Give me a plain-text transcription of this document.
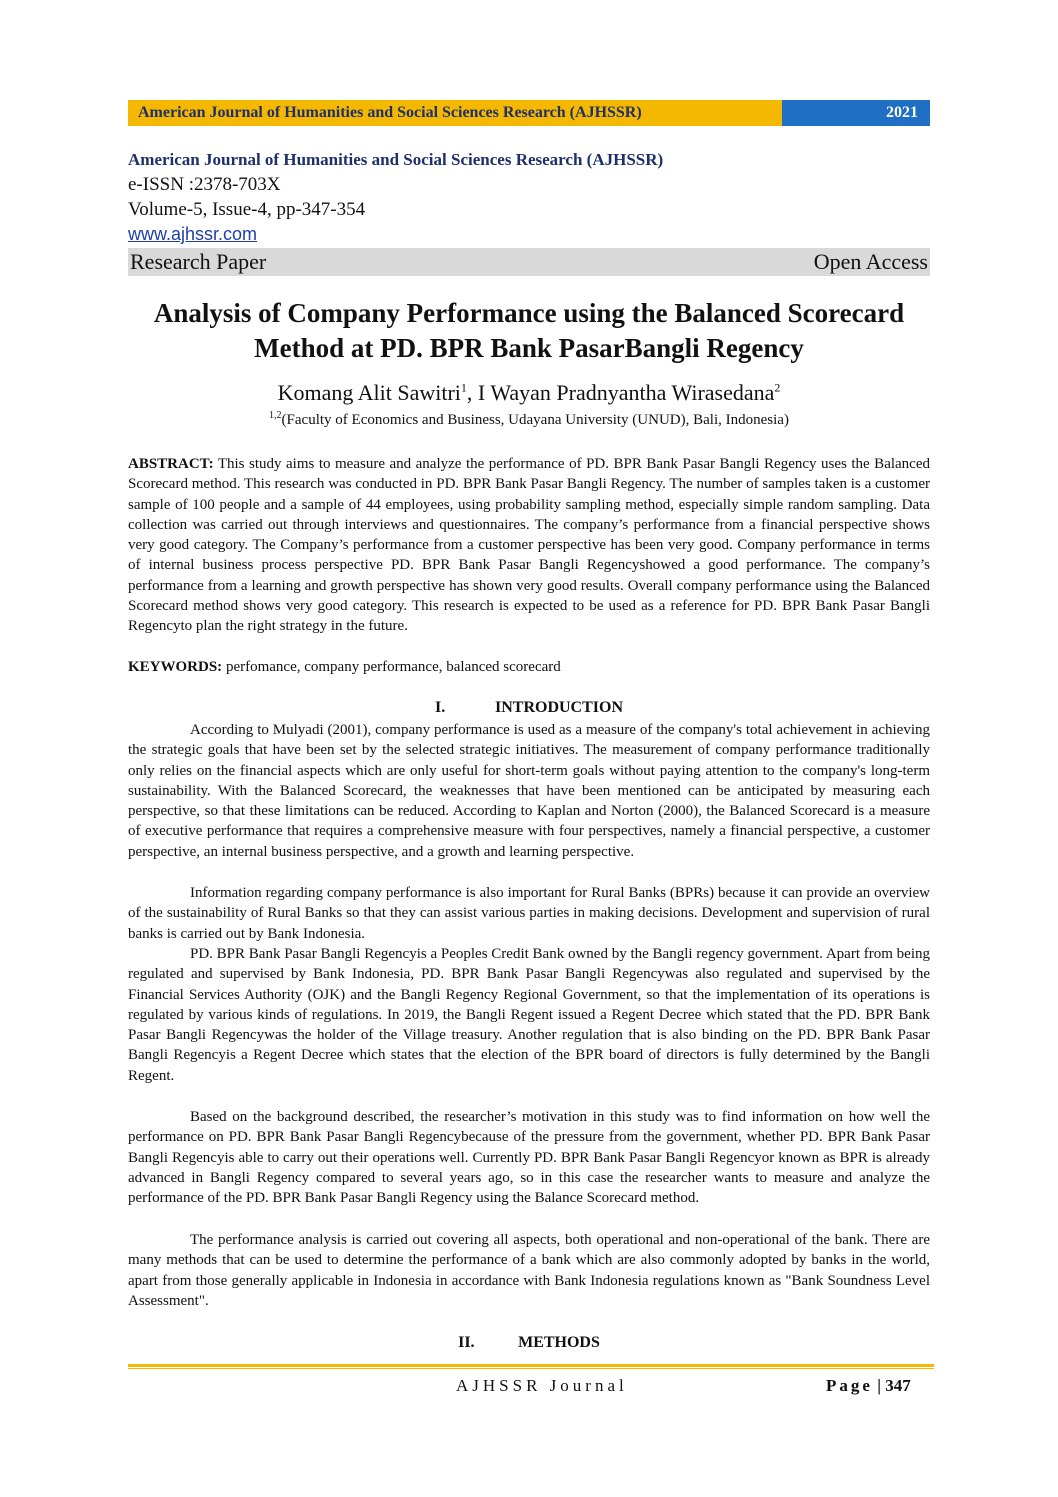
American Journal of Humanities and Social Sciences Research (AJHSSR)	2021
American Journal of Humanities and Social Sciences Research (AJHSSR)
e-ISSN :2378-703X
Volume-5, Issue-4, pp-347-354
www.ajhssr.com
Research Paper	Open Access
Analysis of Company Performance using the Balanced Scorecard
Method at PD. BPR Bank PasarBangli Regency
Komang Alit Sawitri$^1$, I Wayan Pradnyantha Wirasedana$^2$
$^{1,2}$(Faculty of Economics and Business, Udayana University (UNUD), Bali, Indonesia)
ABSTRACT: This study aims to measure and analyze the performance of PD. BPR Bank Pasar Bangli Regency uses the Balanced Scorecard method. This research was conducted in PD. BPR Bank Pasar Bangli Regency. The number of samples taken is a customer sample of 100 people and a sample of 44 employees, using probability sampling method, especially simple random sampling. Data collection was carried out through interviews and questionnaires. The company’s performance from a financial perspective shows very good category. The Company’s performance from a customer perspective has been very good. Company performance in terms of internal business process perspective PD. BPR Bank Pasar Bangli Regencyshowed a good performance. The company’s performance from a learning and growth perspective has shown very good results. Overall company performance using the Balanced Scorecard method shows very good category. This research is expected to be used as a reference for PD. BPR Bank Pasar Bangli Regencyto plan the right strategy in the future.
KEYWORDS: perfomance, company performance, balanced scorecard
I.	INTRODUCTION
According to Mulyadi (2001), company performance is used as a measure of the company's total achievement in achieving the strategic goals that have been set by the selected strategic initiatives. The measurement of company performance traditionally only relies on the financial aspects which are only useful for short-term goals without paying attention to the company's long-term sustainability. With the Balanced Scorecard, the weaknesses that have been mentioned can be anticipated by measuring each perspective, so that these limitations can be reduced. According to Kaplan and Norton (2000), the Balanced Scorecard is a measure of executive performance that requires a comprehensive measure with four perspectives, namely a financial perspective, a customer perspective, an internal business perspective, and a growth and learning perspective.
Information regarding company performance is also important for Rural Banks (BPRs) because it can provide an overview of the sustainability of Rural Banks so that they can assist various parties in making decisions. Development and supervision of rural banks is carried out by Bank Indonesia.
PD. BPR Bank Pasar Bangli Regencyis a Peoples Credit Bank owned by the Bangli regency government. Apart from being regulated and supervised by Bank Indonesia, PD. BPR Bank Pasar Bangli Regencywas also regulated and supervised by the Financial Services Authority (OJK) and the Bangli Regency Regional Government, so that the implementation of its operations is regulated by various kinds of regulations. In 2019, the Bangli Regent issued a Regent Decree which stated that the PD. BPR Bank Pasar Bangli Regencywas the holder of the Village treasury. Another regulation that is also binding on the PD. BPR Bank Pasar Bangli Regencyis a Regent Decree which states that the election of the BPR board of directors is fully determined by the Bangli Regent.
Based on the background described, the researcher’s motivation in this study was to find information on how well the performance on PD. BPR Bank Pasar Bangli Regencybecause of the pressure from the government, whether PD. BPR Bank Pasar Bangli Regencyis able to carry out their operations well. Currently PD. BPR Bank Pasar Bangli Regencyor known as BPR is already advanced in Bangli Regency compared to several years ago, so in this case the researcher wants to measure and analyze the performance of the PD. BPR Bank Pasar Bangli Regency using the Balance Scorecard method.
The performance analysis is carried out covering all aspects, both operational and non-operational of the bank. There are many methods that can be used to determine the performance of a bank which are also commonly adopted by banks in the world, apart from those generally applicable in Indonesia in accordance with Bank Indonesia regulations known as "Bank Soundness Level Assessment".
II.	METHODS
AJHSSR Journal	Page | 347
